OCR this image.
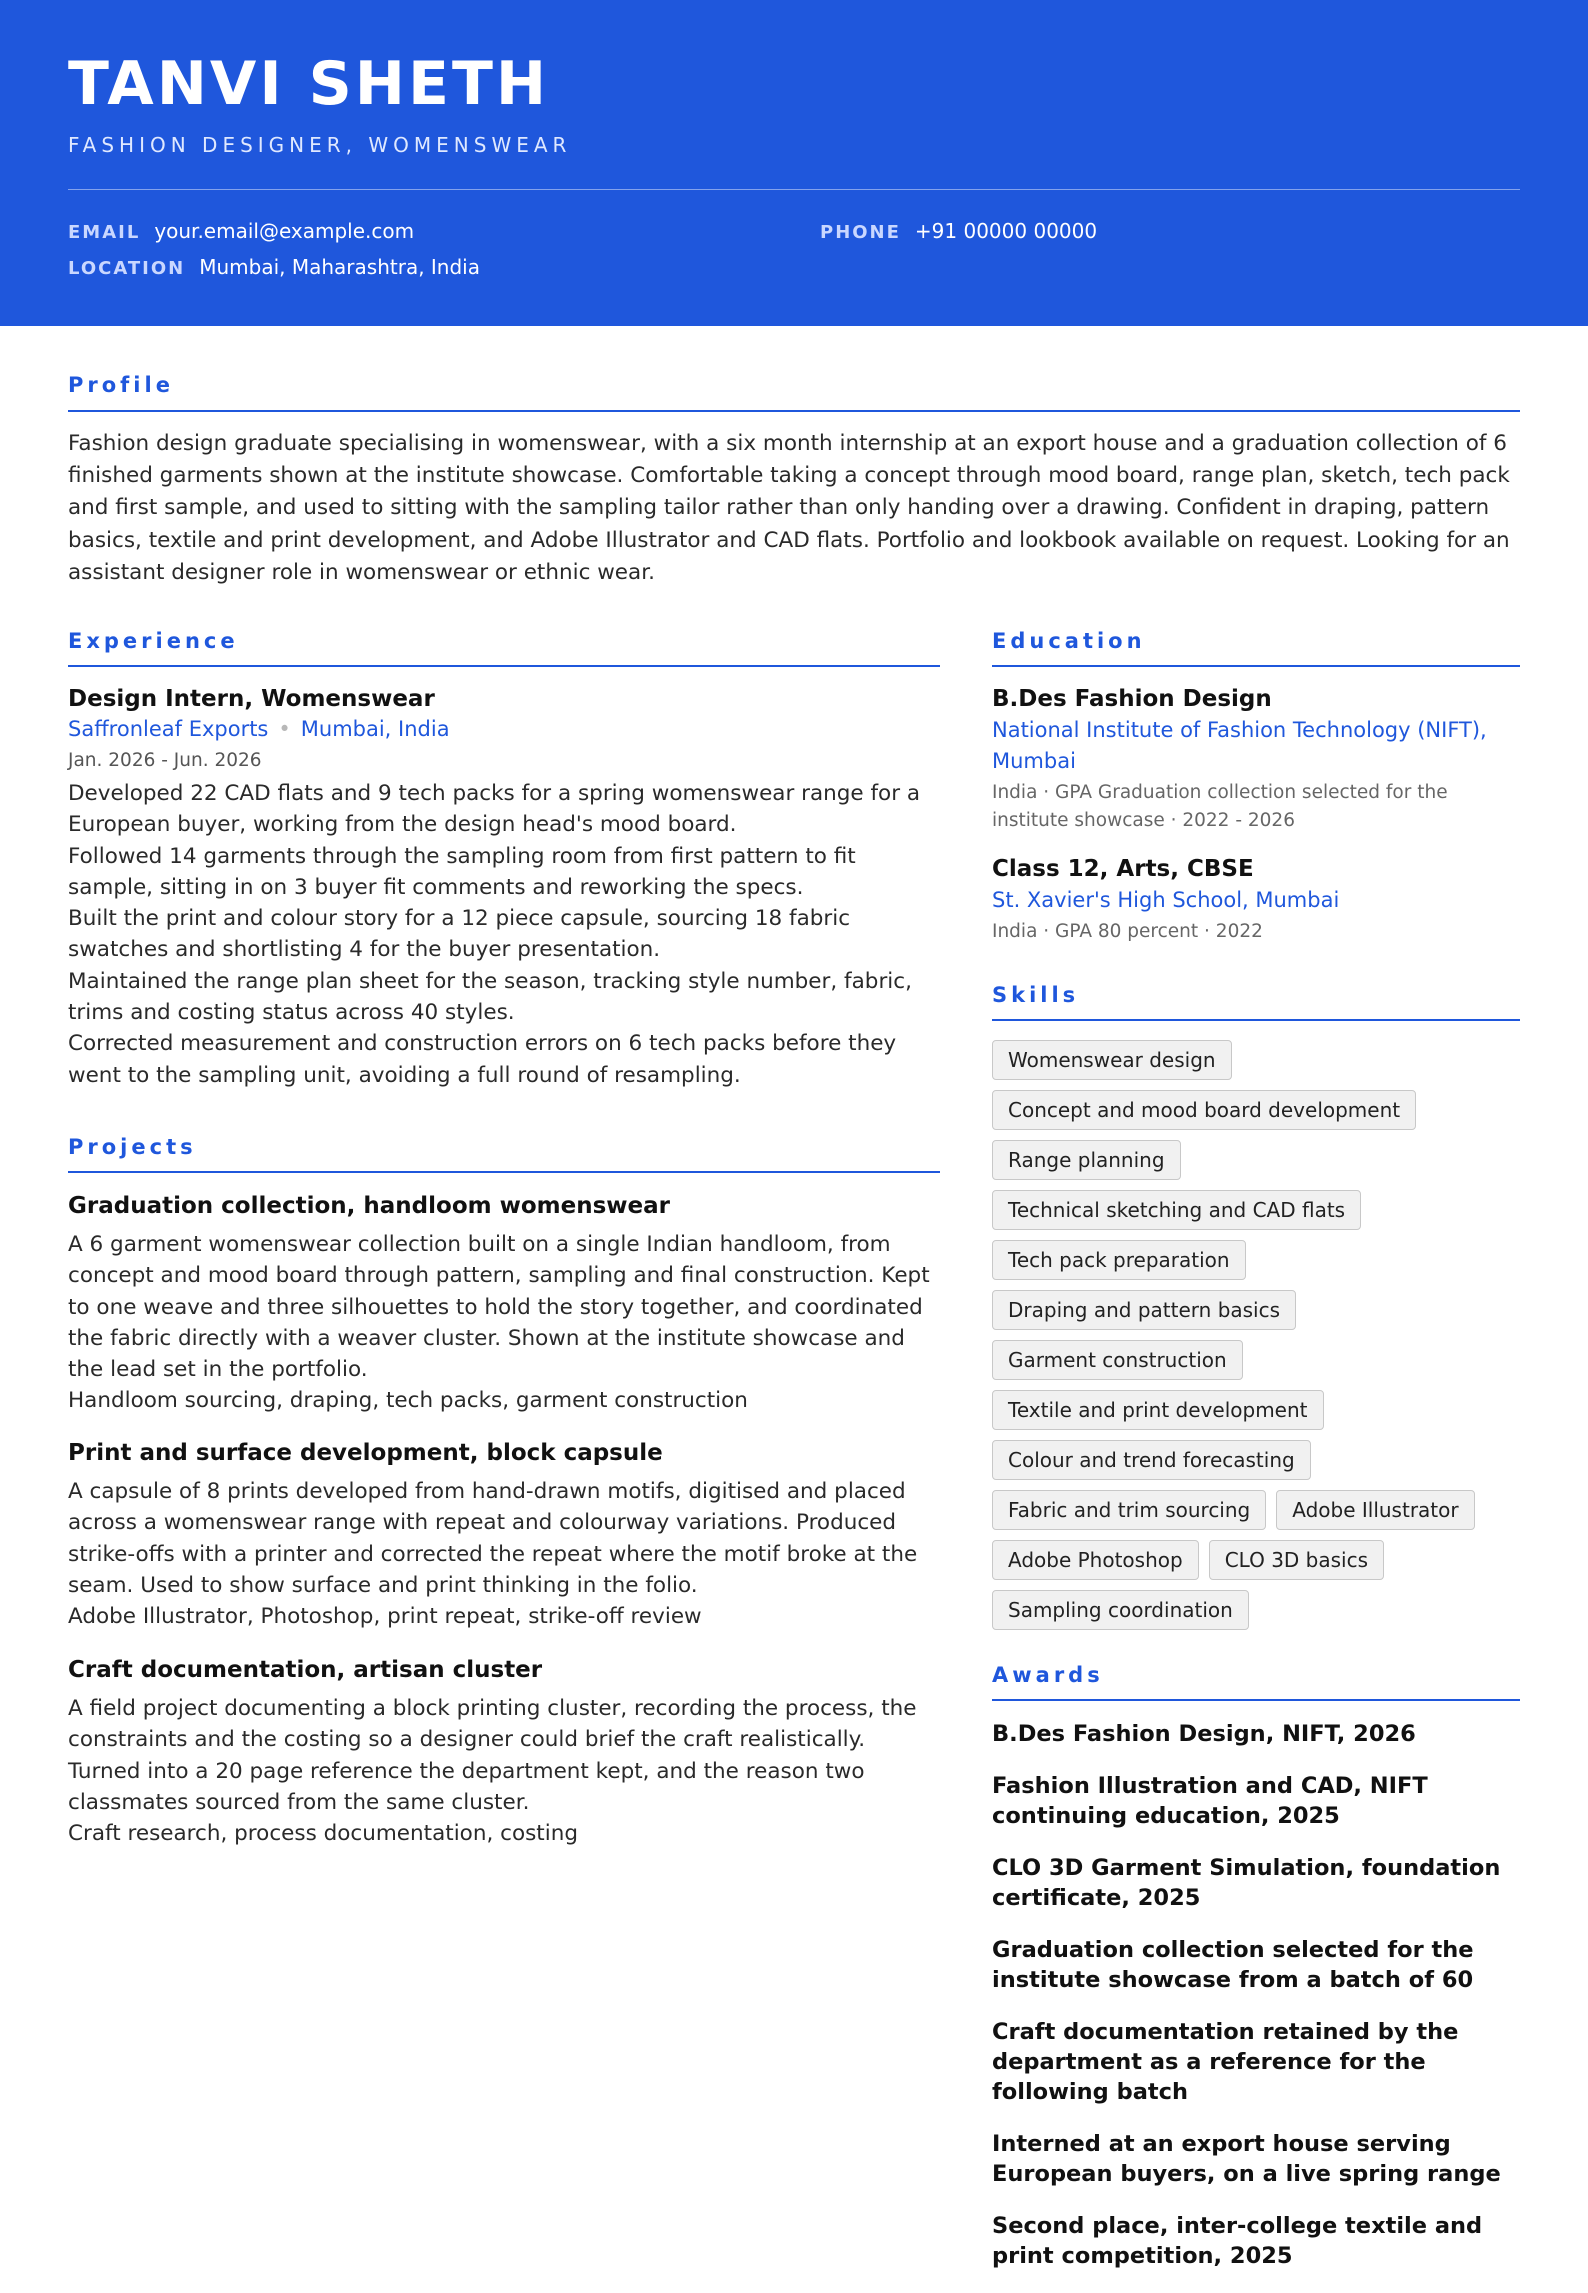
TANVI SHETH
FASHION DESIGNER, WOMENSWEAR
EMAIL your.email@example.com	PHONE +91 00000 00000
LOCATION Mumbai, Maharashtra, India
Profile
Fashion design graduate specialising in womenswear, with a six month internship at an export house and a graduation collection of 6 finished garments shown at the institute showcase. Comfortable taking a concept through mood board, range plan, sketch, tech pack and first sample, and used to sitting with the sampling tailor rather than only handing over a drawing. Confident in draping, pattern basics, textile and print development, and Adobe Illustrator and CAD flats. Portfolio and lookbook available on request. Looking for an assistant designer role in womenswear or ethnic wear.
Experience
Design Intern, Womenswear
Saffronleaf Exports • Mumbai, India
Jan. 2026 - Jun. 2026
Developed 22 CAD flats and 9 tech packs for a spring womenswear range for a European buyer, working from the design head's mood board.
Followed 14 garments through the sampling room from first pattern to fit sample, sitting in on 3 buyer fit comments and reworking the specs.
Built the print and colour story for a 12 piece capsule, sourcing 18 fabric swatches and shortlisting 4 for the buyer presentation.
Maintained the range plan sheet for the season, tracking style number, fabric, trims and costing status across 40 styles.
Corrected measurement and construction errors on 6 tech packs before they went to the sampling unit, avoiding a full round of resampling.
Projects
Graduation collection, handloom womenswear
A 6 garment womenswear collection built on a single Indian handloom, from concept and mood board through pattern, sampling and final construction. Kept to one weave and three silhouettes to hold the story together, and coordinated the fabric directly with a weaver cluster. Shown at the institute showcase and the lead set in the portfolio.
Handloom sourcing, draping, tech packs, garment construction
Print and surface development, block capsule
A capsule of 8 prints developed from hand-drawn motifs, digitised and placed across a womenswear range with repeat and colourway variations. Produced strike-offs with a printer and corrected the repeat where the motif broke at the seam. Used to show surface and print thinking in the folio.
Adobe Illustrator, Photoshop, print repeat, strike-off review
Craft documentation, artisan cluster
A field project documenting a block printing cluster, recording the process, the constraints and the costing so a designer could brief the craft realistically. Turned into a 20 page reference the department kept, and the reason two classmates sourced from the same cluster.
Craft research, process documentation, costing
Education
B.Des Fashion Design
National Institute of Fashion Technology (NIFT), Mumbai
India · GPA Graduation collection selected for the institute showcase · 2022 - 2026
Class 12, Arts, CBSE
St. Xavier's High School, Mumbai
India · GPA 80 percent · 2022
Skills
Womenswear design
Concept and mood board development
Range planning
Technical sketching and CAD flats
Tech pack preparation
Draping and pattern basics
Garment construction
Textile and print development
Colour and trend forecasting
Fabric and trim sourcing	Adobe Illustrator
Adobe Photoshop	CLO 3D basics
Sampling coordination
Awards
B.Des Fashion Design, NIFT, 2026
Fashion Illustration and CAD, NIFT continuing education, 2025
CLO 3D Garment Simulation, foundation certificate, 2025
Graduation collection selected for the institute showcase from a batch of 60
Craft documentation retained by the department as a reference for the following batch
Interned at an export house serving European buyers, on a live spring range
Second place, inter-college textile and print competition, 2025
